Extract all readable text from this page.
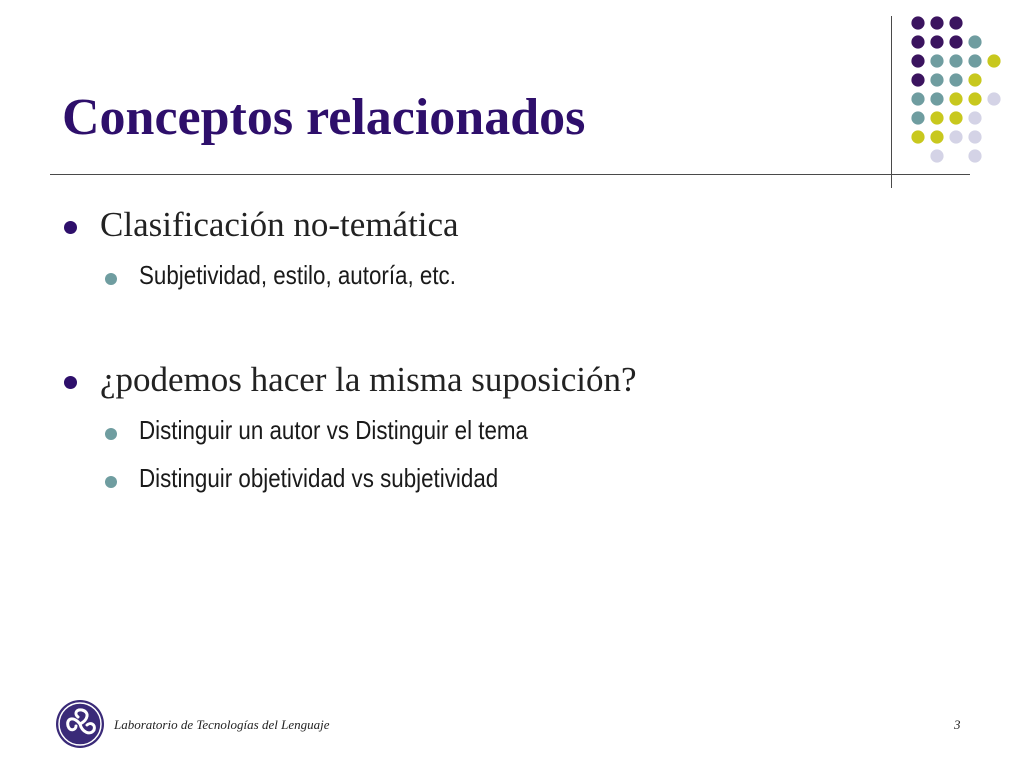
Conceptos relacionados
Clasificación no-temática
Subjetividad, estilo, autoría, etc.
¿podemos hacer la misma suposición?
Distinguir un autor vs Distinguir el tema
Distinguir objetividad vs subjetividad
Laboratorio de Tecnologías del Lenguaje	3
